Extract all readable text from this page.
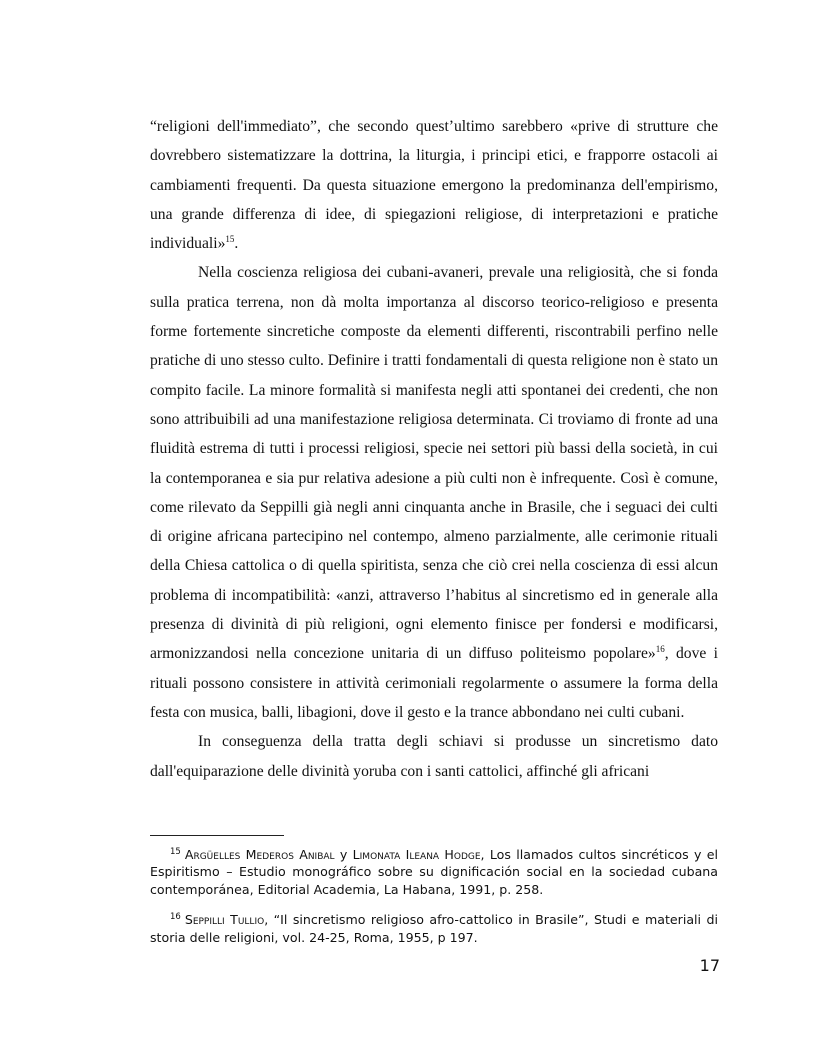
“religioni dell'immediato”, che secondo quest’ultimo sarebbero «prive di strutture che dovrebbero sistematizzare la dottrina, la liturgia, i principi etici, e frapporre ostacoli ai cambiamenti frequenti. Da questa situazione emergono la predominanza dell'empirismo, una grande differenza di idee, di spiegazioni religiose, di interpretazioni e pratiche individuali»$^{15}$.

Nella coscienza religiosa dei cubani-avaneri, prevale una religiosità, che si fonda sulla pratica terrena, non dà molta importanza al discorso teorico-religioso e presenta forme fortemente sincretiche composte da elementi differenti, riscontrabili perfino nelle pratiche di uno stesso culto. Definire i tratti fondamentali di questa religione non è stato un compito facile. La minore formalità si manifesta negli atti spontanei dei credenti, che non sono attribuibili ad una manifestazione religiosa determinata. Ci troviamo di fronte ad una fluidità estrema di tutti i processi religiosi, specie nei settori più bassi della società, in cui la contemporanea e sia pur relativa adesione a più culti non è infrequente. Così è comune, come rilevato da Seppilli già negli anni cinquanta anche in Brasile, che i seguaci dei culti di origine africana partecipino nel contempo, almeno parzialmente, alle cerimonie rituali della Chiesa cattolica o di quella spiritista, senza che ciò crei nella coscienza di essi alcun problema di incompatibilità: «anzi, attraverso l’habitus al sincretismo ed in generale alla presenza di divinità di più religioni, ogni elemento finisce per fondersi e modificarsi, armonizzandosi nella concezione unitaria di un diffuso politeismo popolare»$^{16}$, dove i rituali possono consistere in attività cerimoniali regolarmente o assumere la forma della festa con musica, balli, libagioni, dove il gesto e la trance abbondano nei culti cubani.

In conseguenza della tratta degli schiavi si produsse un sincretismo dato dall'equiparazione delle divinità yoruba con i santi cattolici, affinché gli africani

$^{15}$ Argüelles Mederos Anibal y Limonata Ileana Hodge, Los llamados cultos sincréticos y el Espiritismo – Estudio monográfico sobre su dignificación social en la sociedad cubana contemporánea, Editorial Academia, La Habana, 1991, p. 258.

$^{16}$ Seppilli Tullio, “Il sincretismo religioso afro-cattolico in Brasile”, Studi e materiali di storia delle religioni, vol. 24-25, Roma, 1955, p 197.

17
